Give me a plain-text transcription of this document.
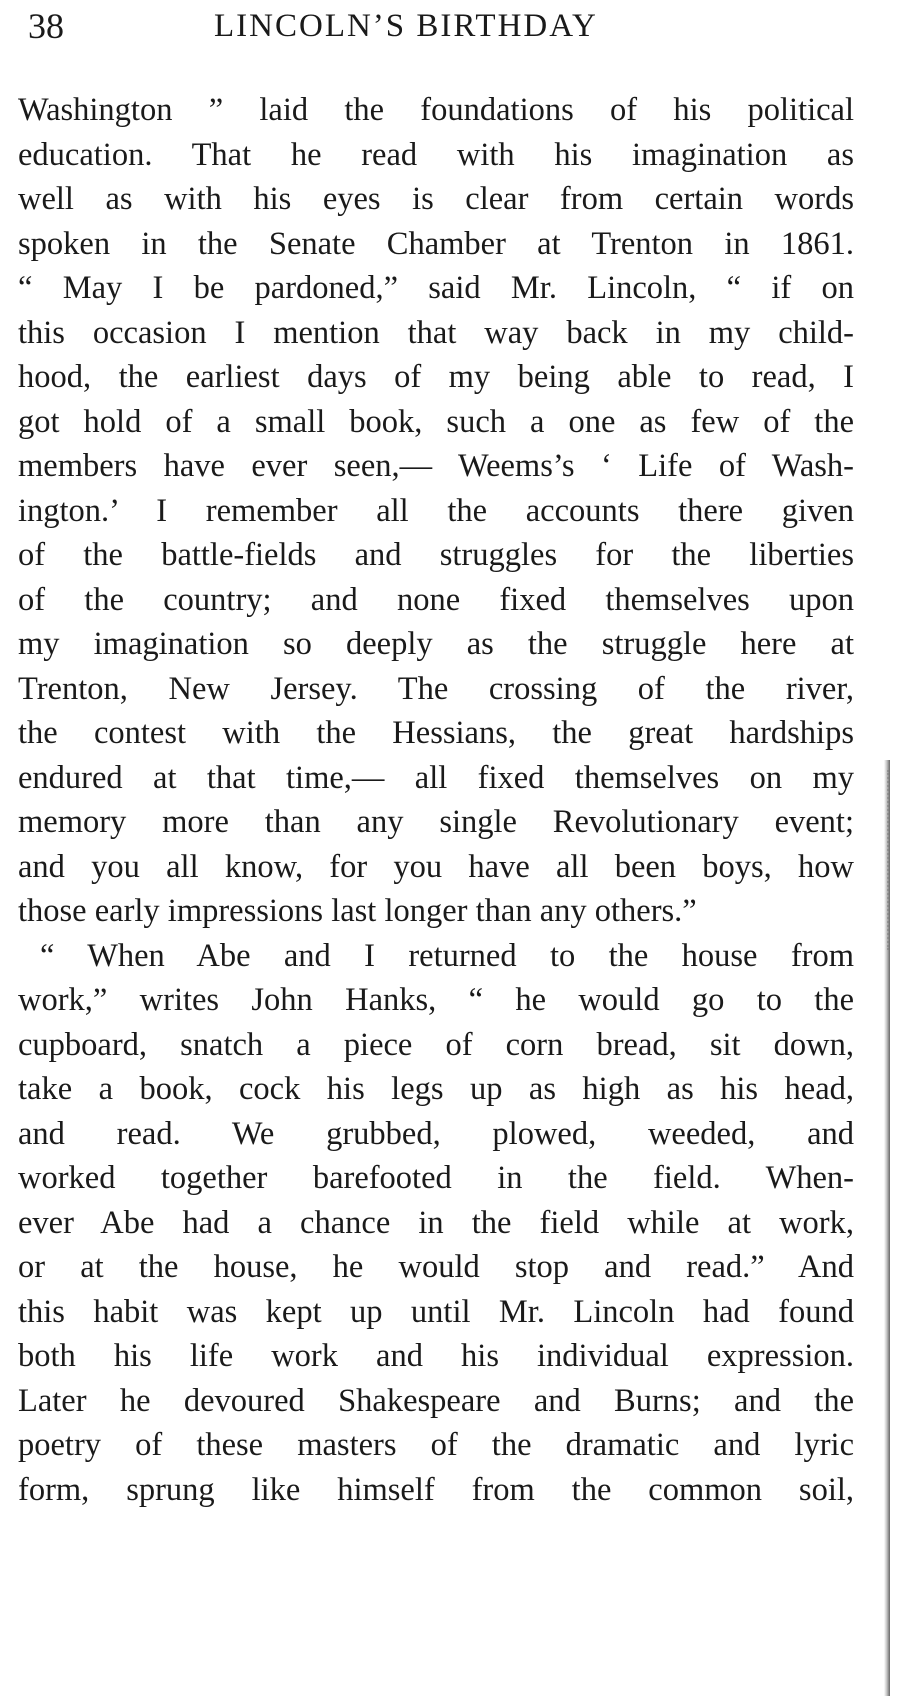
38	LINCOLN’S BIRTHDAY
Washington ” laid the foundations of his political
education. That he read with his imagination as
well as with his eyes is clear from certain words
spoken in the Senate Chamber at Trenton in 1861.
“ May I be pardoned,” said Mr. Lincoln, “ if on
this occasion I mention that way back in my child-
hood, the earliest days of my being able to read, I
got hold of a small book, such a one as few of the
members have ever seen,— Weems’s ‘ Life of Wash-
ington.’ I remember all the accounts there given
of the battle-fields and struggles for the liberties
of the country; and none fixed themselves upon
my imagination so deeply as the struggle here at
Trenton, New Jersey. The crossing of the river,
the contest with the Hessians, the great hardships
endured at that time,— all fixed themselves on my
memory more than any single Revolutionary event;
and you all know, for you have all been boys, how
those early impressions last longer than any others.”
“ When Abe and I returned to the house from
work,” writes John Hanks, “ he would go to the
cupboard, snatch a piece of corn bread, sit down,
take a book, cock his legs up as high as his head,
and read. We grubbed, plowed, weeded, and
worked together barefooted in the field. When-
ever Abe had a chance in the field while at work,
or at the house, he would stop and read.” And
this habit was kept up until Mr. Lincoln had found
both his life work and his individual expression.
Later he devoured Shakespeare and Burns; and the
poetry of these masters of the dramatic and lyric
form, sprung like himself from the common soil,
